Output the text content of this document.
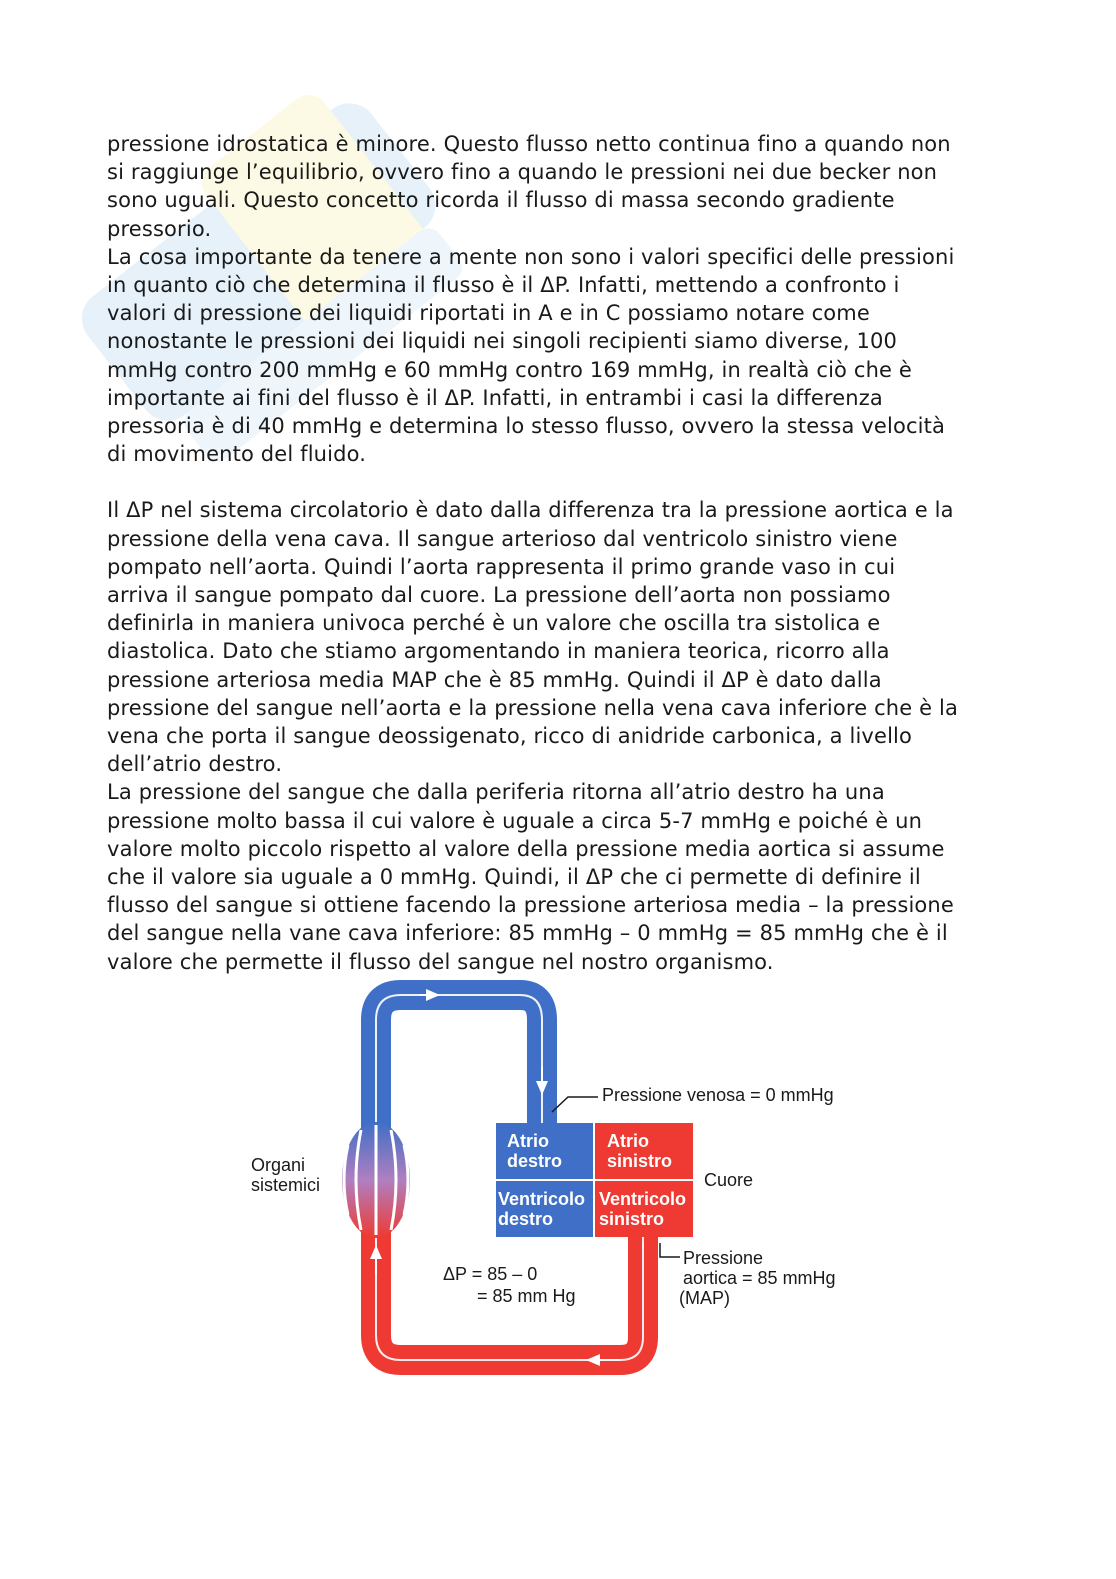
pressione idrostatica è minore. Questo flusso netto continua fino a quando non
si raggiunge l’equilibrio, ovvero fino a quando le pressioni nei due becker non
sono uguali. Questo concetto ricorda il flusso di massa secondo gradiente
pressorio.

La cosa importante da tenere a mente non sono i valori specifici delle pressioni
in quanto ciò che determina il flusso è il ΔP. Infatti, mettendo a confronto i
valori di pressione dei liquidi riportati in A e in C possiamo notare come
nonostante le pressioni dei liquidi nei singoli recipienti siamo diverse, 100
mmHg contro 200 mmHg e 60 mmHg contro 169 mmHg, in realtà ciò che è
importante ai fini del flusso è il ΔP. Infatti, in entrambi i casi la differenza
pressoria è di 40 mmHg e determina lo stesso flusso, ovvero la stessa velocità
di movimento del fluido.

Il ΔP nel sistema circolatorio è dato dalla differenza tra la pressione aortica e la
pressione della vena cava. Il sangue arterioso dal ventricolo sinistro viene
pompato nell’aorta. Quindi l’aorta rappresenta il primo grande vaso in cui
arriva il sangue pompato dal cuore. La pressione dell’aorta non possiamo
definirla in maniera univoca perché è un valore che oscilla tra sistolica e
diastolica. Dato che stiamo argomentando in maniera teorica, ricorro alla
pressione arteriosa media MAP che è 85 mmHg. Quindi il ΔP è dato dalla
pressione del sangue nell’aorta e la pressione nella vena cava inferiore che è la
vena che porta il sangue deossigenato, ricco di anidride carbonica, a livello
dell’atrio destro.

La pressione del sangue che dalla periferia ritorna all’atrio destro ha una
pressione molto bassa il cui valore è uguale a circa 5-7 mmHg e poiché è un
valore molto piccolo rispetto al valore della pressione media aortica si assume
che il valore sia uguale a 0 mmHg. Quindi, il ΔP che ci permette di definire il
flusso del sangue si ottiene facendo la pressione arteriosa media – la pressione
del sangue nella vane cava inferiore: 85 mmHg – 0 mmHg = 85 mmHg che è il
valore che permette il flusso del sangue nel nostro organismo.

Atrio
destro
Atrio
sinistro
Ventricolo
destro
Ventricolo
sinistro
Pressione venosa = 0 mmHg
Cuore
Organi
sistemici
ΔP = 85 – 0
= 85 mm Hg
Pressione
aortica = 85 mmHg
(MAP)
